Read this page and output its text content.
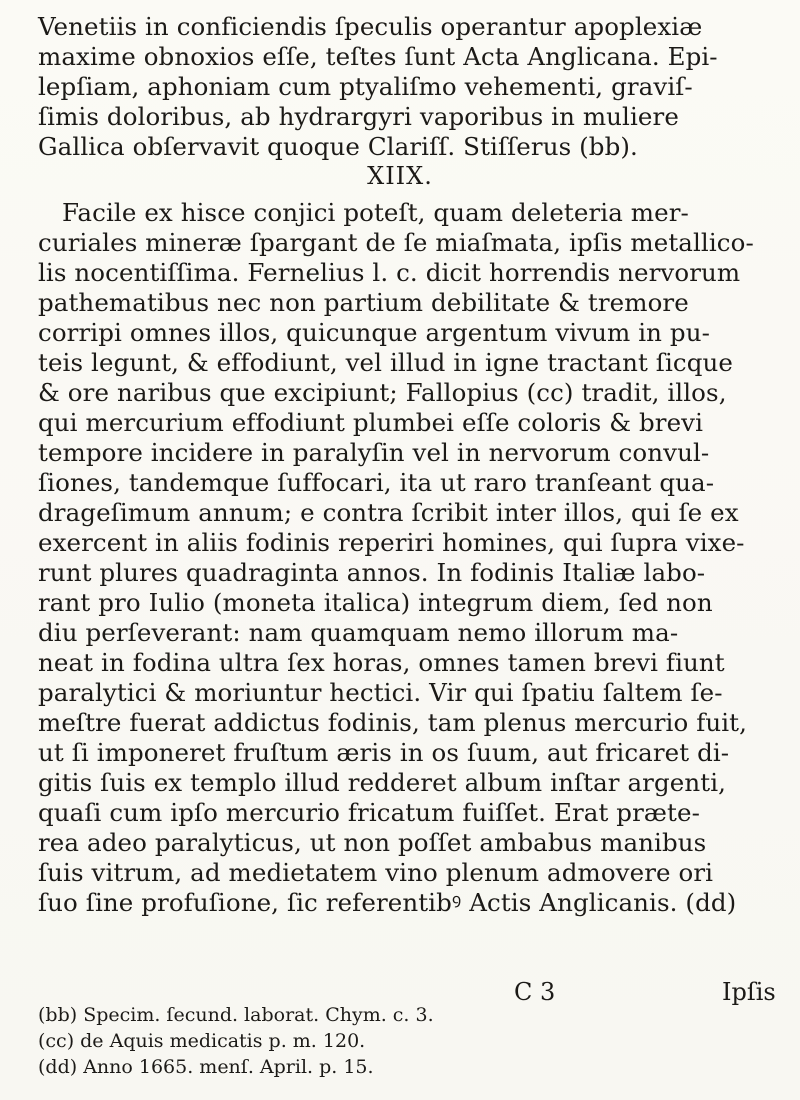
Venetiis in conficiendis ſpeculis operantur apoplexiæ
maxime obnoxios eſſe, teſtes ſunt Acta Anglicana. Epi-
lepſiam, aphoniam cum ptyaliſmo vehementi, graviſ-
ſimis doloribus, ab hydrargyri vaporibus in muliere
Gallica obſervavit quoque Clariſſ. Stiſſerus (bb).
XIIX.
Facile ex hisce conjici poteſt, quam deleteria mer-
curiales mineræ ſpargant de ſe miaſmata, ipſis metallico-
lis nocentiſſima. Fernelius l. c. dicit horrendis nervorum
pathematibus nec non partium debilitate & tremore
corripi omnes illos, quicunque argentum vivum in pu-
teis legunt, & effodiunt, vel illud in igne tractant ſicque
& ore naribus que excipiunt; Fallopius (cc) tradit, illos,
qui mercurium effodiunt plumbei eſſe coloris & brevi
tempore incidere in paralyſin vel in nervorum convul-
ſiones, tandemque ſuffocari, ita ut raro tranſeant qua-
drageſimum annum; e contra ſcribit inter illos, qui ſe ex
exercent in aliis fodinis reperiri homines, qui ſupra vixe-
runt plures quadraginta annos. In fodinis Italiæ labo-
rant pro Iulio (moneta italica) integrum diem, ſed non
diu perſeverant: nam quamquam nemo illorum ma-
neat in fodina ultra ſex horas, omnes tamen brevi fiunt
paralytici & moriuntur hectici. Vir qui ſpatiu ſaltem ſe-
meſtre fuerat addictus fodinis, tam plenus mercurio fuit,
ut ſi imponeret fruſtum æris in os ſuum, aut fricaret di-
gitis ſuis ex templo illud redderet album inſtar argenti,
quaſi cum ipſo mercurio fricatum fuiſſet. Erat præte-
rea adeo paralyticus, ut non poſſet ambabus manibus
ſuis vitrum, ad medietatem vino plenum admovere ori
ſuo ſine profuſione, ſic referentibꝰ Actis Anglicanis. (dd)
C 3	Ipſis
(bb) Specim. ſecund. laborat. Chym. c. 3.
(cc) de Aquis medicatis p. m. 120.
(dd) Anno 1665. menſ. April. p. 15.
